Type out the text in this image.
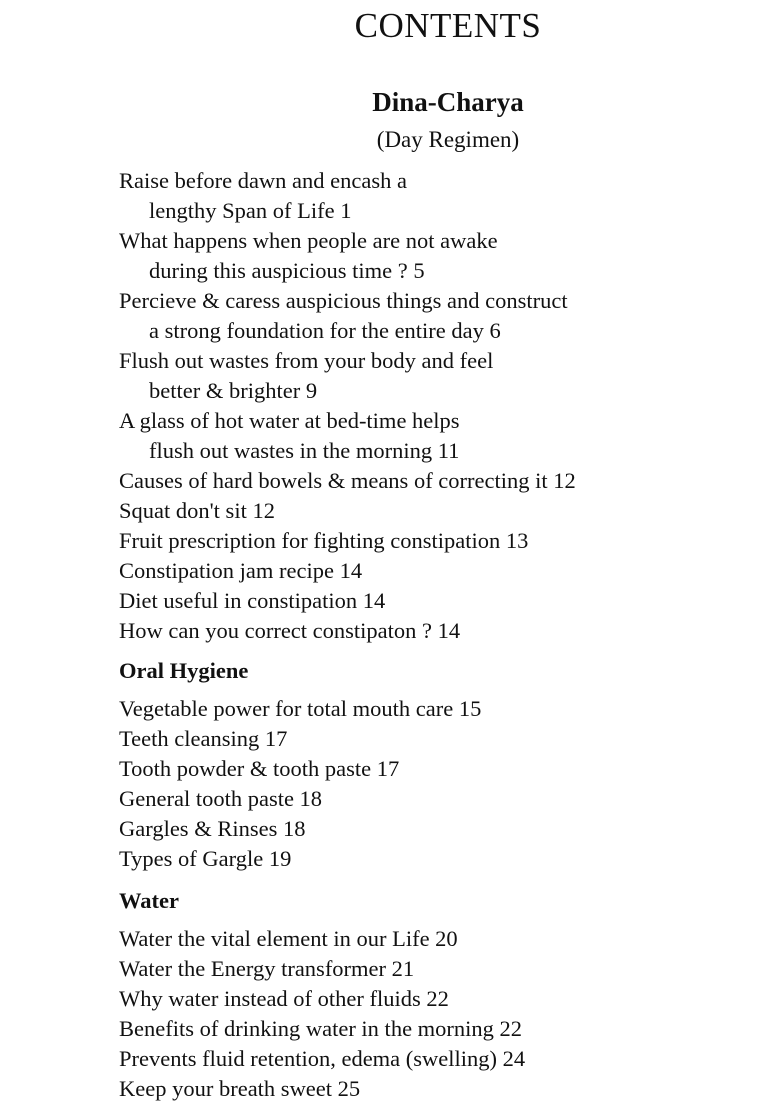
CONTENTS
Dina-Charya
(Day Regimen)
Raise before dawn and encash a
lengthy Span of Life 1
What happens when people are not awake
during this auspicious time ? 5
Percieve & caress auspicious things and construct
a strong foundation for the entire day 6
Flush out wastes from your body and feel
better & brighter 9
A glass of hot water at bed-time helps
flush out wastes in the morning 11
Causes of hard bowels & means of correcting it 12
Squat don't sit 12
Fruit prescription for fighting constipation 13
Constipation jam recipe 14
Diet useful in constipation 14
How can you correct constipaton ? 14
Oral Hygiene
Vegetable power for total mouth care 15
Teeth cleansing 17
Tooth powder & tooth paste 17
General tooth paste 18
Gargles & Rinses 18
Types of Gargle 19
Water
Water the vital element in our Life 20
Water the Energy transformer 21
Why water instead of other fluids 22
Benefits of drinking water in the morning 22
Prevents fluid retention, edema (swelling) 24
Keep your breath sweet 25
